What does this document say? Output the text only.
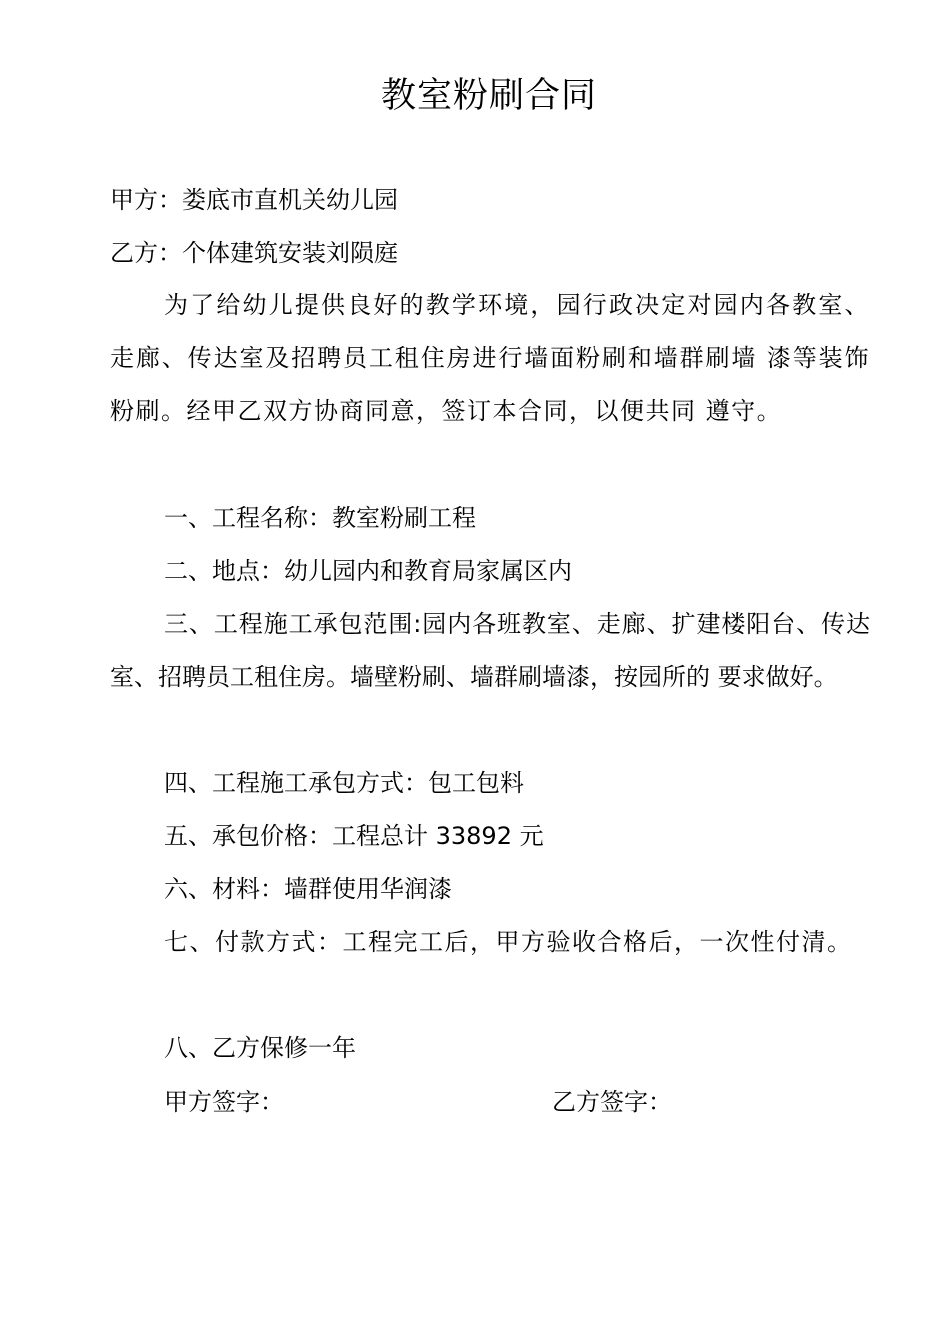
教室粉刷合同
甲方：娄底市直机关幼儿园
乙方：个体建筑安装刘陨庭

为了给幼儿提供良好的教学环境，园行政决定对园内各教室、走廊、传达室及招聘员工租住房进行墙面粉刷和墙群刷墙 漆等装饰粉刷。经甲乙双方协商同意，签订本合同，以便共同 遵守。

一、工程名称：教室粉刷工程

二、地点：幼儿园内和教育局家属区内

三、工程施工承包范围:园内各班教室、走廊、扩建楼阳台、传达室、招聘员工租住房。墙壁粉刷、墙群刷墙漆，按园所的 要求做好。

四、工程施工承包方式：包工包料

五、承包价格：工程总计 33892 元

六、材料：墙群使用华润漆

七、付款方式：工程完工后，甲方验收合格后，一次性付清。

八、乙方保修一年

甲方签字：	乙方签字：
